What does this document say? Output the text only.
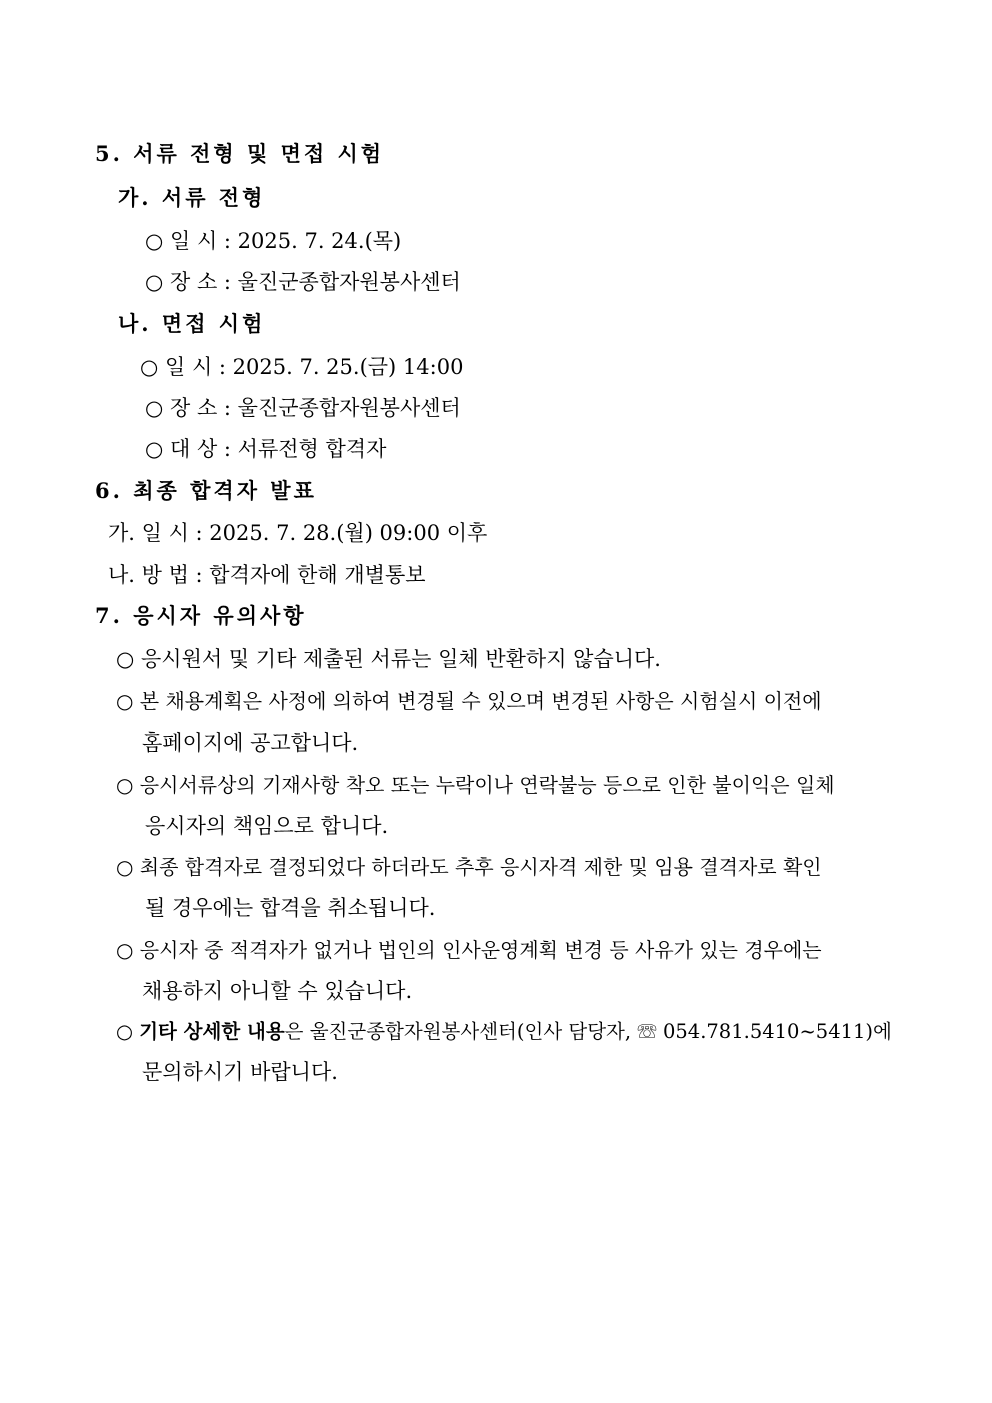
5. 서류 전형 및 면접 시험
가. 서류 전형
○ 일 시 : 2025. 7. 24.(목)
○ 장 소 : 울진군종합자원봉사센터
나. 면접 시험
○ 일 시 : 2025. 7. 25.(금) 14:00
○ 장 소 : 울진군종합자원봉사센터
○ 대 상 : 서류전형 합격자
6. 최종 합격자 발표
가. 일 시 : 2025. 7. 28.(월) 09:00 이후
나. 방 법 : 합격자에 한해 개별통보
7. 응시자 유의사항
○ 응시원서 및 기타 제출된 서류는 일체 반환하지 않습니다.
○ 본 채용계획은 사정에 의하여 변경될 수 있으며 변경된 사항은 시험실시 이전에
홈페이지에 공고합니다.
○ 응시서류상의 기재사항 착오 또는 누락이나 연락불능 등으로 인한 불이익은 일체
응시자의 책임으로 합니다.
○ 최종 합격자로 결정되었다 하더라도 추후 응시자격 제한 및 임용 결격자로 확인
될 경우에는 합격을 취소됩니다.
○ 응시자 중 적격자가 없거나 법인의 인사운영계획 변경 등 사유가 있는 경우에는
채용하지 아니할 수 있습니다.
○ 기타 상세한 내용은 울진군종합자원봉사센터(인사 담당자, ☏ 054.781.5410~5411)에
문의하시기 바랍니다.
